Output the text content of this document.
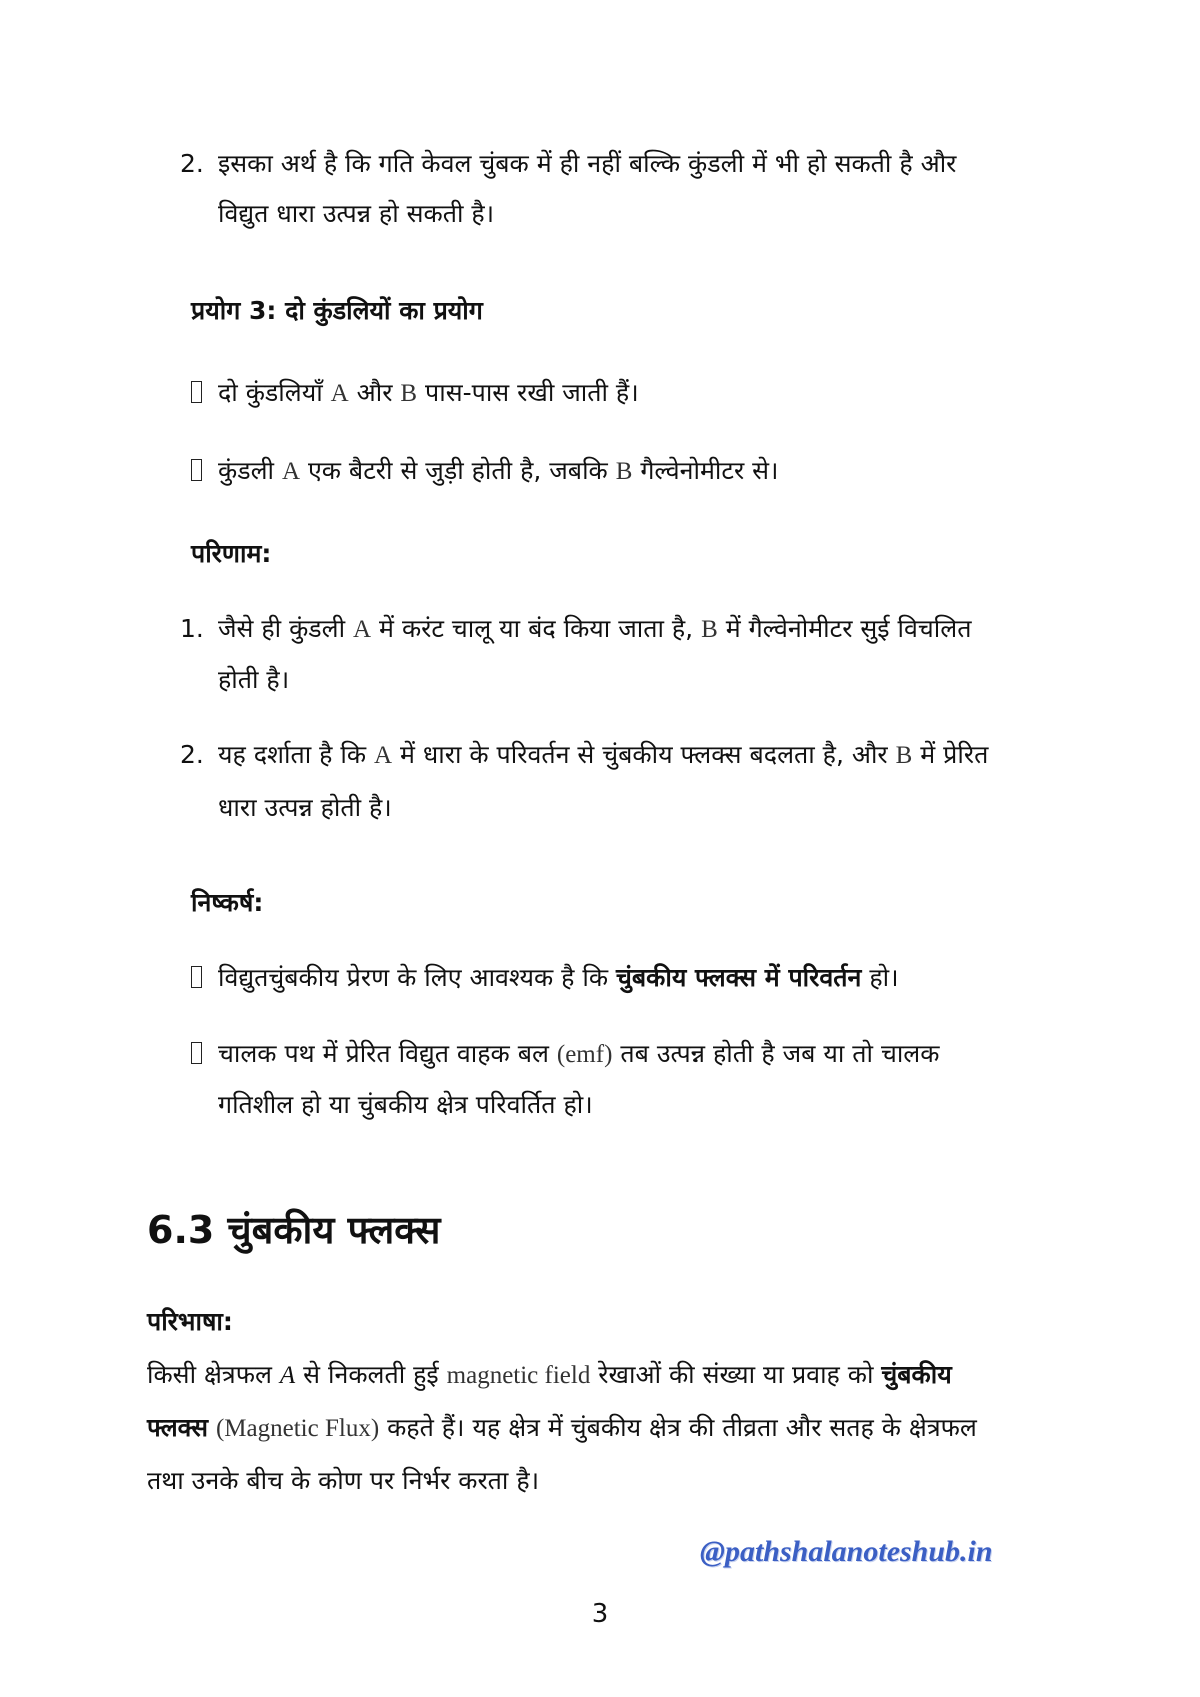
2. इसका अर्थ है कि गति केवल चुंबक में ही नहीं बल्कि कुंडली में भी हो सकती है और
विद्युत धारा उत्पन्न हो सकती है।
प्रयोग 3: दो कुंडलियों का प्रयोग
दो कुंडलियाँ A और B पास-पास रखी जाती हैं।
कुंडली A एक बैटरी से जुड़ी होती है, जबकि B गैल्वेनोमीटर से।
परिणाम:
1. जैसे ही कुंडली A में करंट चालू या बंद किया जाता है, B में गैल्वेनोमीटर सुई विचलित
होती है।
2. यह दर्शाता है कि A में धारा के परिवर्तन से चुंबकीय फ्लक्स बदलता है, और B में प्रेरित
धारा उत्पन्न होती है।
निष्कर्ष:
विद्युतचुंबकीय प्रेरण के लिए आवश्यक है कि चुंबकीय फ्लक्स में परिवर्तन हो।
चालक पथ में प्रेरित विद्युत वाहक बल (emf) तब उत्पन्न होती है जब या तो चालक
गतिशील हो या चुंबकीय क्षेत्र परिवर्तित हो।
6.3 चुंबकीय फ्लक्स
परिभाषा:
किसी क्षेत्रफल A से निकलती हुई magnetic field रेखाओं की संख्या या प्रवाह को चुंबकीय
फ्लक्स (Magnetic Flux) कहते हैं। यह क्षेत्र में चुंबकीय क्षेत्र की तीव्रता और सतह के क्षेत्रफल
तथा उनके बीच के कोण पर निर्भर करता है।
@pathshalanoteshub.in
3
